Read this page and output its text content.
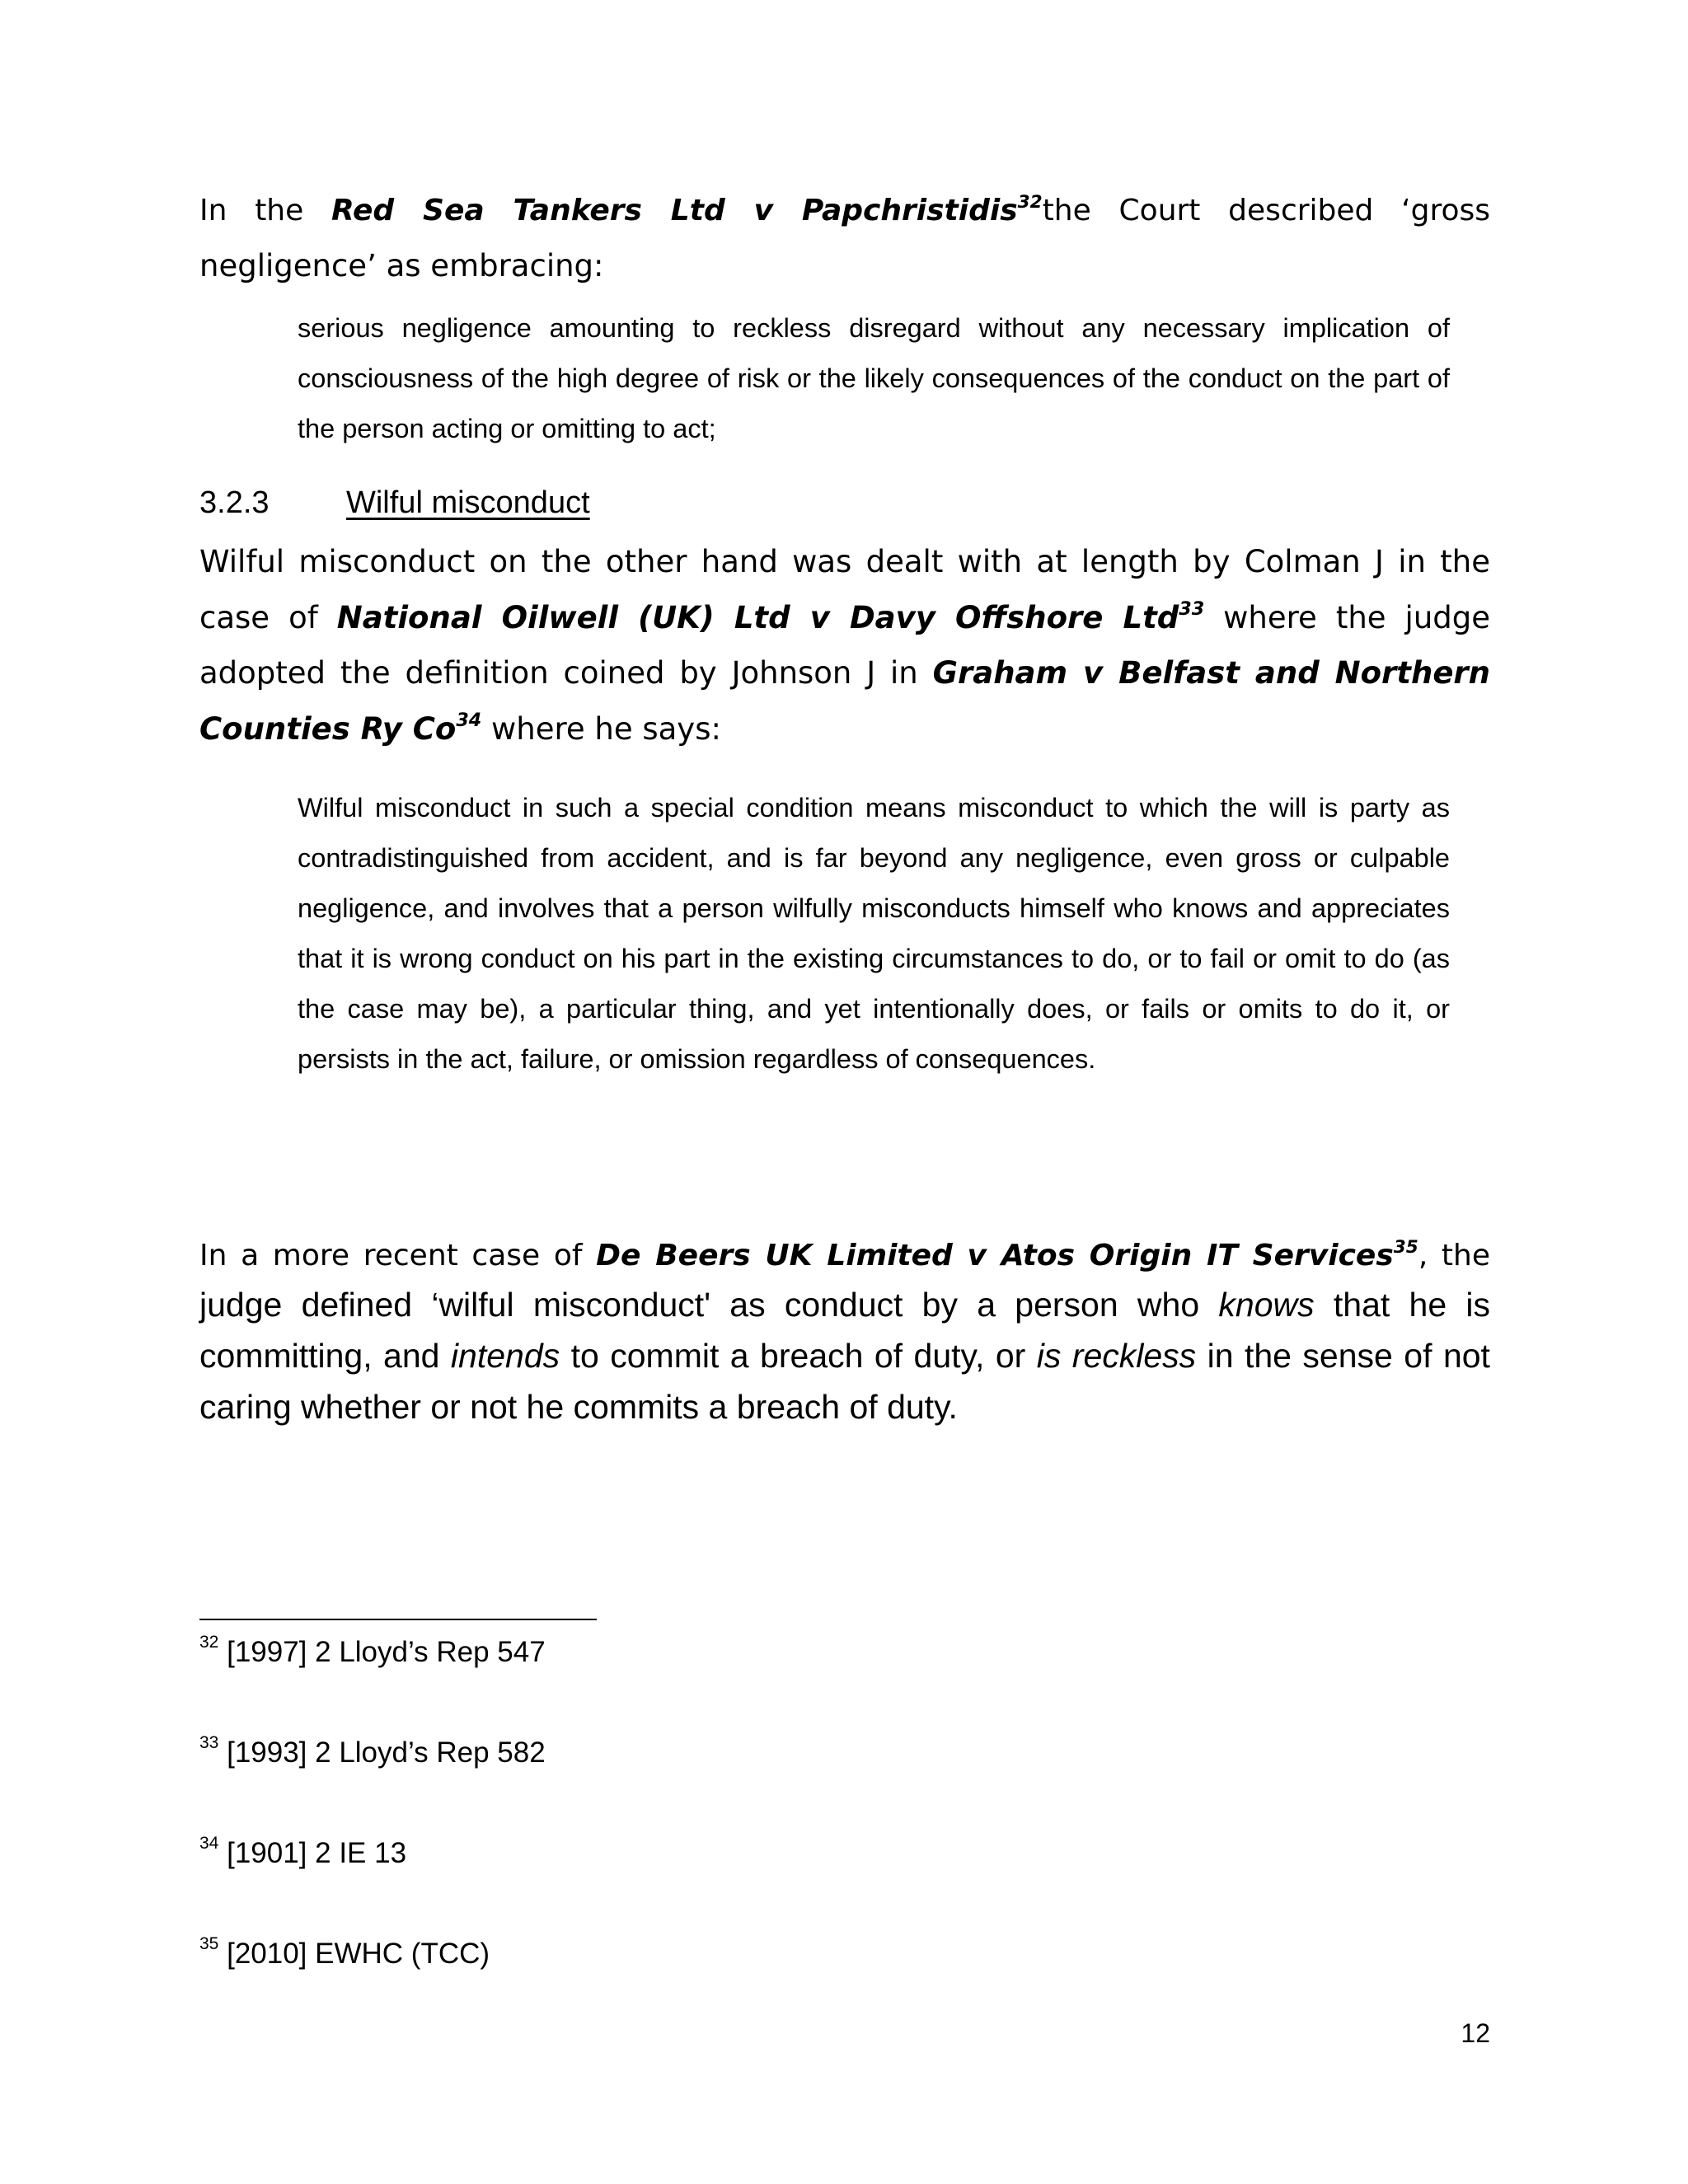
In the Red Sea Tankers Ltd v Papchristidis$^{32}$the Court described ‘gross
negligence’ as embracing:
serious negligence amounting to reckless disregard without any necessary implication of consciousness of the high degree of risk or the likely consequences of the conduct on the part of the person acting or omitting to act;
3.2.3 Wilful misconduct
Wilful misconduct on the other hand was dealt with at length by Colman J in the case of National Oilwell (UK) Ltd v Davy Offshore Ltd$^{33}$ where the judge adopted the definition coined by Johnson J in Graham v Belfast and Northern Counties Ry Co$^{34}$ where he says:
Wilful misconduct in such a special condition means misconduct to which the will is party as contradistinguished from accident, and is far beyond any negligence, even gross or culpable negligence, and involves that a person wilfully misconducts himself who knows and appreciates that it is wrong conduct on his part in the existing circumstances to do, or to fail or omit to do (as the case may be), a particular thing, and yet intentionally does, or fails or omits to do it, or persists in the act, failure, or omission regardless of consequences.
In a more recent case of De Beers UK Limited v Atos Origin IT Services$^{35}$, the
judge defined ‘wilful misconduct' as conduct by a person who knows that he is committing, and intends to commit a breach of duty, or is reckless in the sense of not caring whether or not he commits a breach of duty.
$^{32}$ [1997] 2 Lloyd’s Rep 547
$^{33}$ [1993] 2 Lloyd’s Rep 582
$^{34}$ [1901] 2 IE 13
$^{35}$ [2010] EWHC (TCC)
12
